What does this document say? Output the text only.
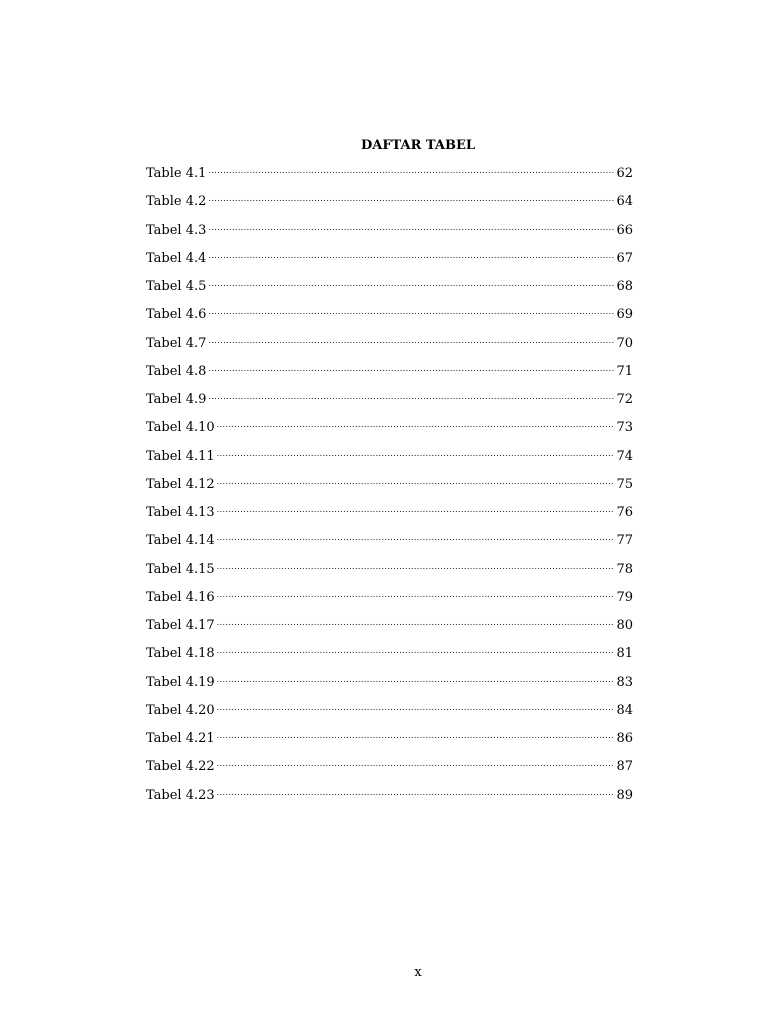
DAFTAR TABEL
Table 4.1 .....	62
Table 4.2 .....	64
Tabel 4.3 .....	66
Tabel 4.4 .....	67
Tabel 4.5 .....	68
Tabel 4.6 .....	69
Tabel 4.7 .....	70
Tabel 4.8 .....	71
Tabel 4.9 .....	72
Tabel 4.10 .....	73
Tabel 4.11 .....	74
Tabel 4.12 .....	75
Tabel 4.13 .....	76
Tabel 4.14 .....	77
Tabel 4.15 .....	78
Tabel 4.16 .....	79
Tabel 4.17 .....	80
Tabel 4.18 .....	81
Tabel 4.19 .....	83
Tabel 4.20 .....	84
Tabel 4.21 .....	86
Tabel 4.22 .....	87
Tabel 4.23 .....	89
x
